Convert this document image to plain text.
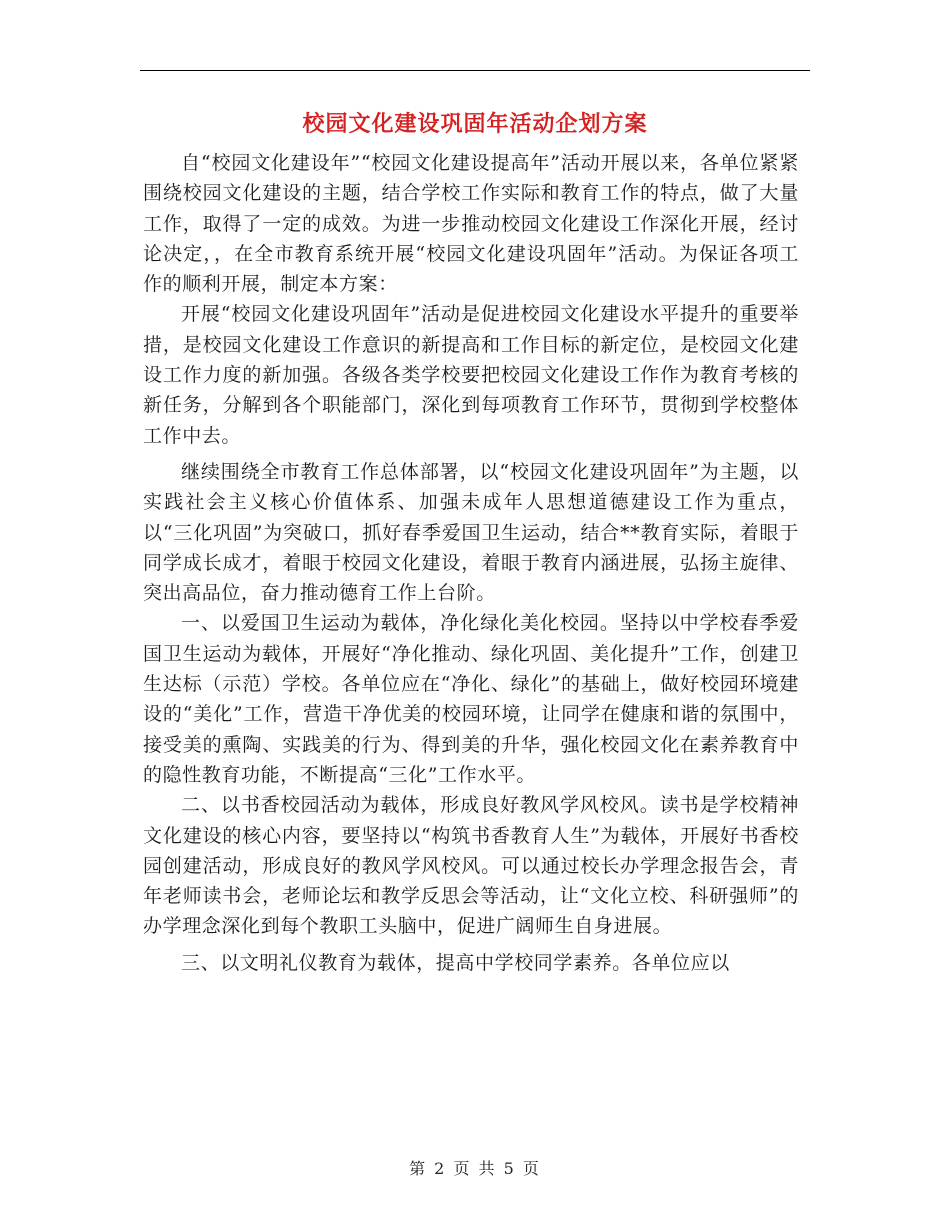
校园文化建设巩固年活动企划方案

自“校园文化建设年”“校园文化建设提高年”活动开展以来，各单位紧紧围绕校园文化建设的主题，结合学校工作实际和教育工作的特点，做了大量工作，取得了一定的成效。为进一步推动校园文化建设工作深化开展，经讨论决定，，在全市教育系统开展“校园文化建设巩固年”活动。为保证各项工作的顺利开展，制定本方案：

开展“校园文化建设巩固年”活动是促进校园文化建设水平提升的重要举措，是校园文化建设工作意识的新提高和工作目标的新定位，是校园文化建设工作力度的新加强。各级各类学校要把校园文化建设工作作为教育考核的新任务，分解到各个职能部门，深化到每项教育工作环节，贯彻到学校整体工作中去。

继续围绕全市教育工作总体部署，以“校园文化建设巩固年”为主题，以实践社会主义核心价值体系、加强未成年人思想道德建设工作为重点，以“三化巩固”为突破口，抓好春季爱国卫生运动，结合**教育实际，着眼于同学成长成才，着眼于校园文化建设，着眼于教育内涵进展，弘扬主旋律、突出高品位，奋力推动德育工作上台阶。

一、以爱国卫生运动为载体，净化绿化美化校园。坚持以中学校春季爱国卫生运动为载体，开展好“净化推动、绿化巩固、美化提升”工作，创建卫生达标（示范）学校。各单位应在“净化、绿化”的基础上，做好校园环境建设的“美化”工作，营造干净优美的校园环境，让同学在健康和谐的氛围中，接受美的熏陶、实践美的行为、得到美的升华，强化校园文化在素养教育中的隐性教育功能，不断提高“三化”工作水平。

二、以书香校园活动为载体，形成良好教风学风校风。读书是学校精神文化建设的核心内容，要坚持以“构筑书香教育人生”为载体，开展好书香校园创建活动，形成良好的教风学风校风。可以通过校长办学理念报告会，青年老师读书会，老师论坛和教学反思会等活动，让“文化立校、科研强师”的办学理念深化到每个教职工头脑中，促进广阔师生自身进展。

三、以文明礼仪教育为载体，提高中学校同学素养。各单位应以

第 2 页 共 5 页
